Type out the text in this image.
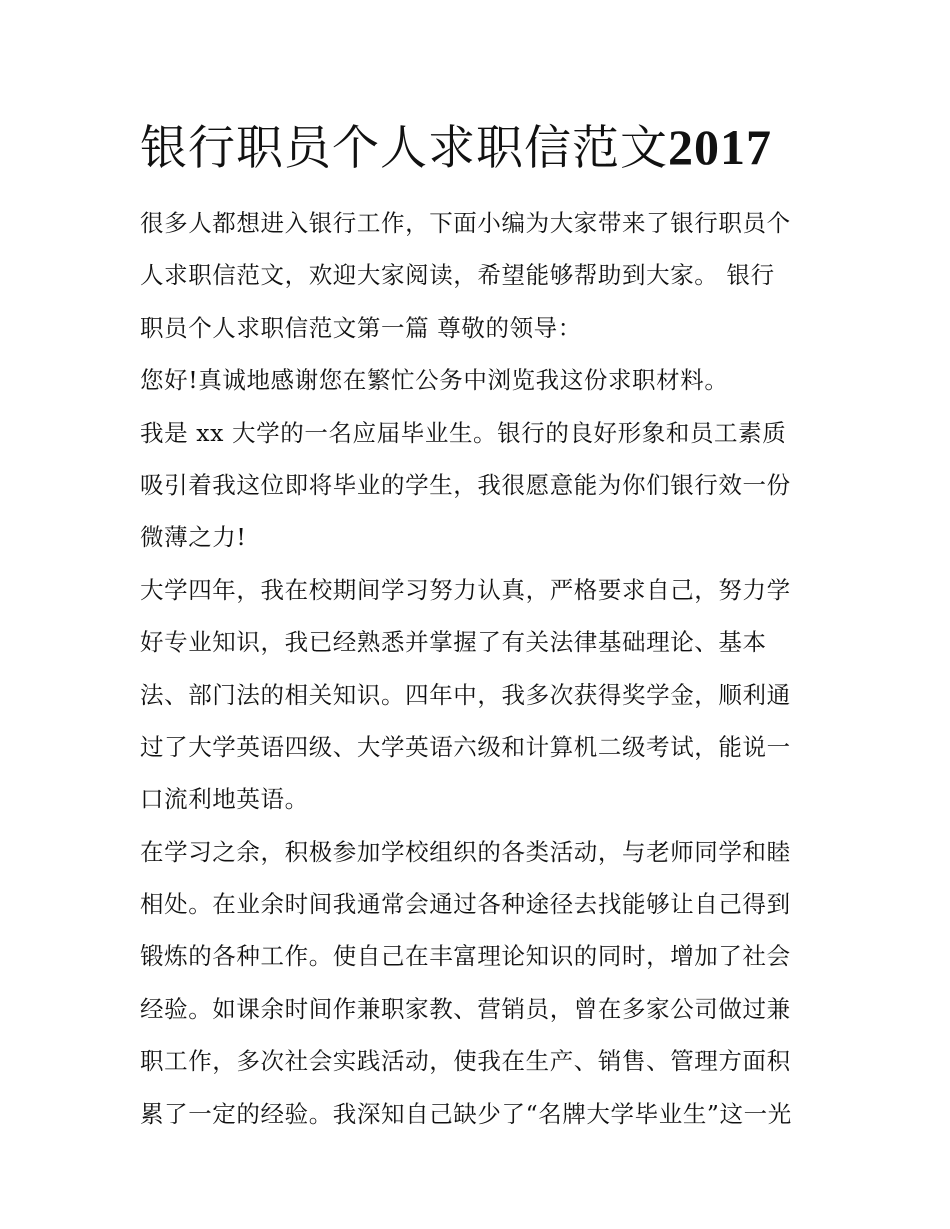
银行职员个人求职信范文2017
很多人都想进入银行工作，下面小编为大家带来了银行职员个
人求职信范文，欢迎大家阅读，希望能够帮助到大家。 银行
职员个人求职信范文第一篇 尊敬的领导：
您好!真诚地感谢您在繁忙公务中浏览我这份求职材料。
我是 xx 大学的一名应届毕业生。银行的良好形象和员工素质
吸引着我这位即将毕业的学生，我很愿意能为你们银行效一份
微薄之力!
大学四年，我在校期间学习努力认真，严格要求自己，努力学
好专业知识，我已经熟悉并掌握了有关法律基础理论、基本
法、部门法的相关知识。四年中，我多次获得奖学金，顺利通
过了大学英语四级、大学英语六级和计算机二级考试，能说一
口流利地英语。
在学习之余，积极参加学校组织的各类活动，与老师同学和睦
相处。在业余时间我通常会通过各种途径去找能够让自己得到
锻炼的各种工作。使自己在丰富理论知识的同时，增加了社会
经验。如课余时间作兼职家教、营销员，曾在多家公司做过兼
职工作，多次社会实践活动，使我在生产、销售、管理方面积
累了一定的经验。我深知自己缺少了“名牌大学毕业生”这一光
